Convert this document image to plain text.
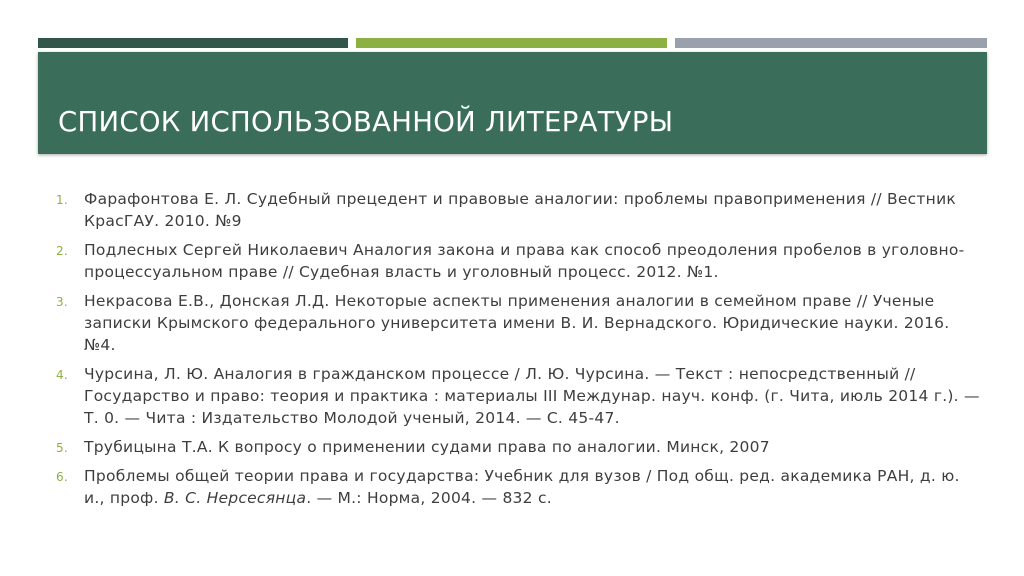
СПИСОК ИСПОЛЬЗОВАННОЙ ЛИТЕРАТУРЫ
1. Фарафонтова Е. Л. Судебный прецедент и правовые аналогии: проблемы правоприменения // Вестник КрасГАУ. 2010. №9
2. Подлесных Сергей Николаевич Аналогия закона и права как способ преодоления пробелов в уголовно-процессуальном праве // Судебная власть и уголовный процесс. 2012. №1.
3. Некрасова Е.В., Донская Л.Д. Некоторые аспекты применения аналогии в семейном праве // Ученые записки Крымского федерального университета имени В. И. Вернадского. Юридические науки. 2016. №4.
4. Чурсина, Л. Ю. Аналогия в гражданском процессе / Л. Ю. Чурсина. — Текст : непосредственный // Государство и право: теория и практика : материалы III Междунар. науч. конф. (г. Чита, июль 2014 г.). — Т. 0. — Чита : Издательство Молодой ученый, 2014. — С. 45-47.
5. Трубицына Т.А. К вопросу о применении судами права по аналогии. Минск, 2007
6. Проблемы общей теории права и государства: Учебник для вузов / Под общ. ред. академика РАН, д. ю. и., проф. В. С. Нерсесянца. — М.: Норма, 2004. — 832 с.
